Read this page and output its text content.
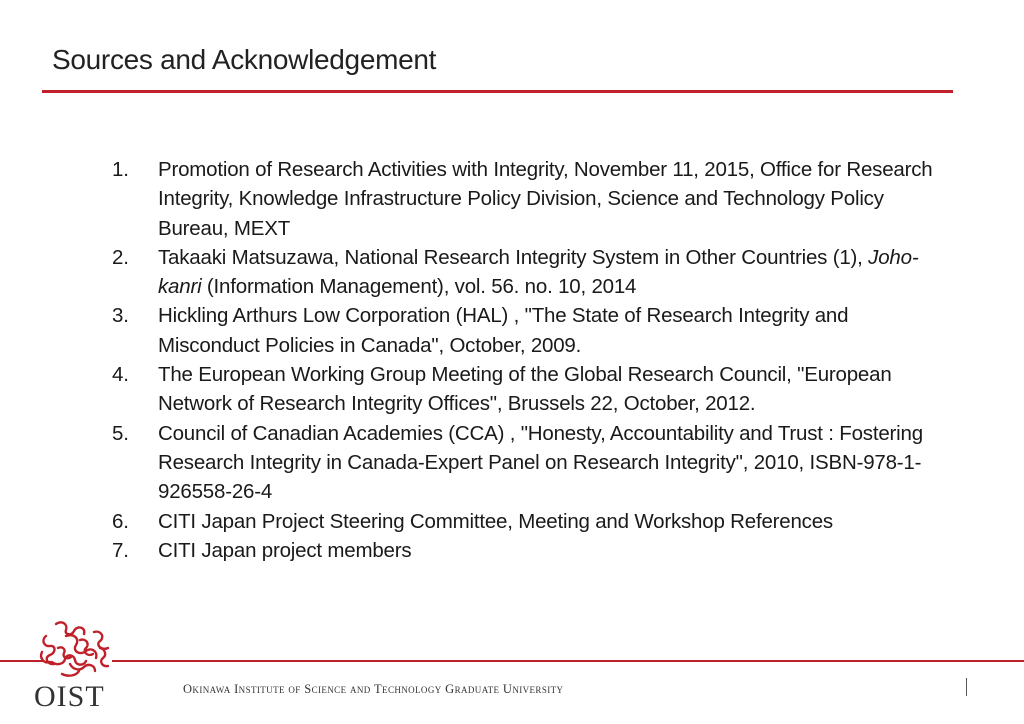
Sources and Acknowledgement
1. Promotion of Research Activities with Integrity, November 11, 2015, Office for Research Integrity, Knowledge Infrastructure Policy Division, Science and Technology Policy Bureau, MEXT
2. Takaaki Matsuzawa, National Research Integrity System in Other Countries (1), Joho-kanri (Information Management), vol. 56. no. 10, 2014
3. Hickling Arthurs Low Corporation (HAL) , "The State of Research Integrity and Misconduct Policies in Canada", October, 2009.
4. The European Working Group Meeting of the Global Research Council, "European Network of Research Integrity Offices", Brussels 22, October, 2012.
5. Council of Canadian Academies (CCA) , "Honesty, Accountability and Trust : Fostering Research Integrity in Canada-Expert Panel on Research Integrity", 2010, ISBN-978-1-926558-26-4
6. CITI Japan Project Steering Committee, Meeting and Workshop References
7. CITI Japan project members
OIST	Okinawa Institute of Science and Technology Graduate University
